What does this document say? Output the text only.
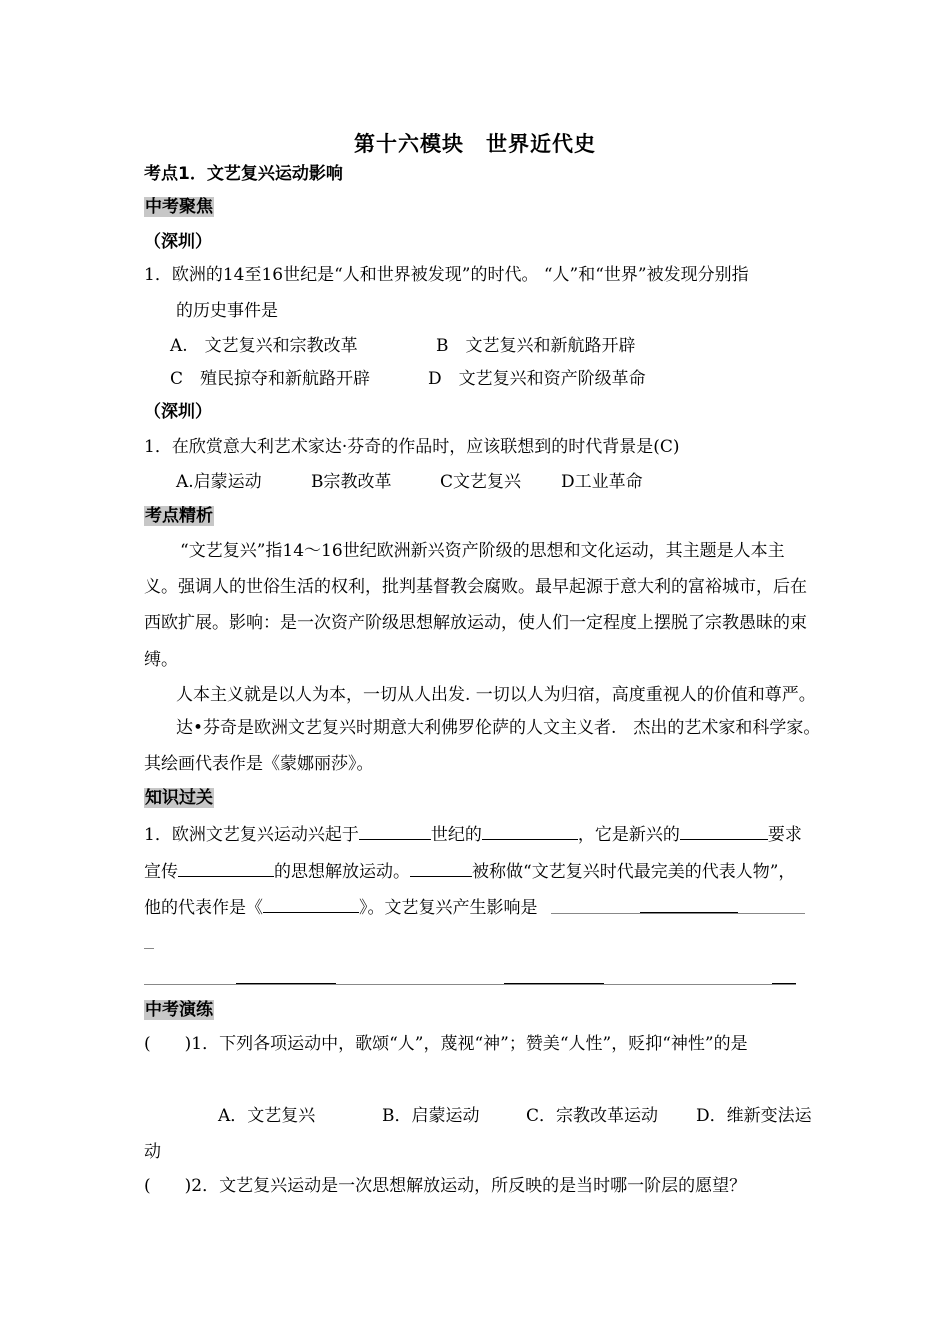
第十六模块　世界近代史
考点1．文艺复兴运动影响
中考聚焦
（深圳）
1．欧洲的14至16世纪是“人和世界被发现”的时代。 “人”和“世界”被发现分别指
的历史事件是
A.　文艺复兴和宗教改革	B　文艺复兴和新航路开辟
C　殖民掠夺和新航路开辟	D　文艺复兴和资产阶级革命
（深圳）
1．在欣赏意大利艺术家达·芬奇的作品时，应该联想到的时代背景是(C)
A.启蒙运动	B宗教改革	C文艺复兴 D工业革命
考点精析
“文艺复兴”指14～16世纪欧洲新兴资产阶级的思想和文化运动，其主题是人本主
义。强调人的世俗生活的权利，批判基督教会腐败。最早起源于意大利的富裕城市，后在
西欧扩展。影响：是一次资产阶级思想解放运动，使人们一定程度上摆脱了宗教愚昧的束
缚。
人本主义就是以人为本，一切从人出发. 一切以人为归宿，高度重视人的价值和尊严。
达•芬奇是欧洲文艺复兴时期意大利佛罗伦萨的人文主义者.　杰出的艺术家和科学家。
其绘画代表作是《蒙娜丽莎》。
知识过关
1．欧洲文艺复兴运动兴起于	世纪的	，它是新兴的	要求
宣传	的思想解放运动。	被称做“文艺复兴时代最完美的代表人物”，
他的代表作是《	》。文艺复兴产生影响是
中考演练
(　　)1．下列各项运动中，歌颂“人”，蔑视“神”；赞美“人性”，贬抑“神性”的是
A．文艺复兴	B．启蒙运动	C．宗教改革运动 D．维新变法运
动
(　　)2．文艺复兴运动是一次思想解放运动，所反映的是当时哪一阶层的愿望？
